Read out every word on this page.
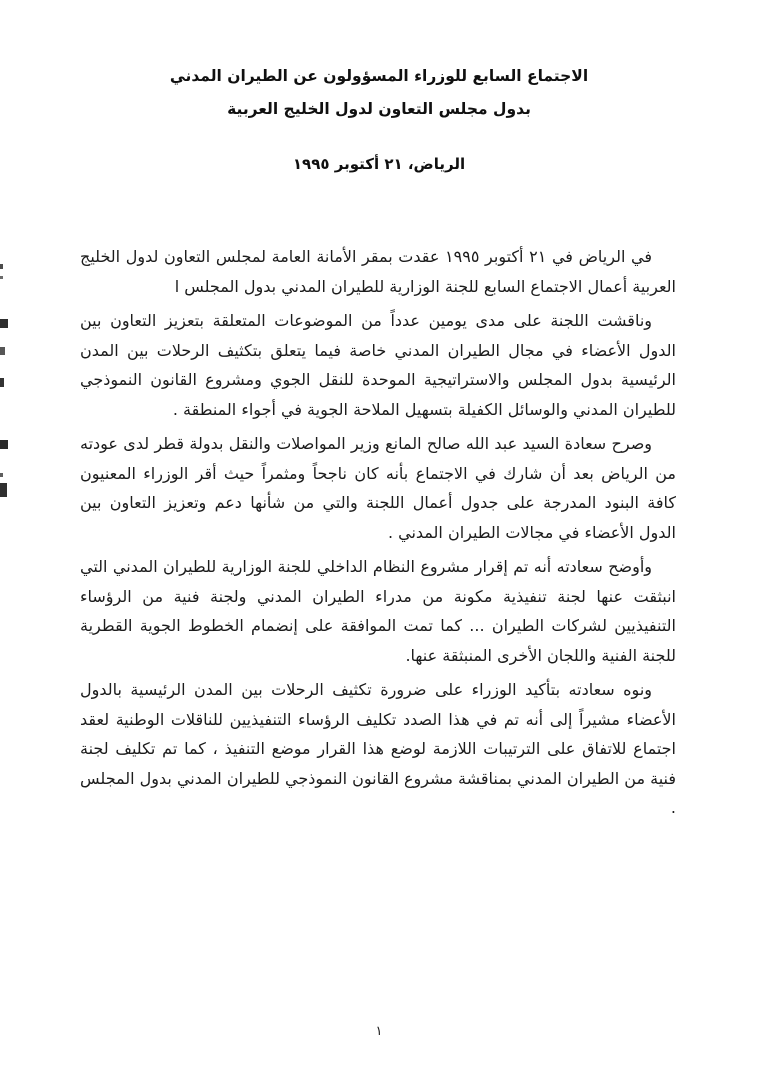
الاجتماع السابع للوزراء المسؤولون عن الطيران المدني
بدول مجلس التعاون لدول الخليج العربية

الرياض، ٢١ أكتوبر ١٩٩٥

في الرياض في ٢١ أكتوبر ١٩٩٥ عقدت بمقر الأمانة العامة لمجلس التعاون لدول الخليج العربية أعمال الاجتماع السابع للجنة الوزارية للطيران المدني بدول المجلس ا

وناقشت اللجنة على مدى يومين عدداً من الموضوعات المتعلقة بتعزيز التعاون بين الدول الأعضاء في مجال الطيران المدني خاصة فيما يتعلق بتكثيف الرحلات بين المدن الرئيسية بدول المجلس والاستراتيجية الموحدة للنقل الجوي ومشروع القانون النموذجي للطيران المدني والوسائل الكفيلة بتسهيل الملاحة الجوية في أجواء المنطقة .

وصرح سعادة السيد عبد الله صالح المانع وزير المواصلات والنقل بدولة قطر لدى عودته من الرياض بعد أن شارك في الاجتماع بأنه كان ناجحاً ومثمراً حيث أقر الوزراء المعنيون كافة البنود المدرجة على جدول أعمال اللجنة والتي من شأنها دعم وتعزيز التعاون بين الدول الأعضاء في مجالات الطيران المدني .

وأوضح سعادته أنه تم إقرار مشروع النظام الداخلي للجنة الوزارية للطيران المدني التي انبثقت عنها لجنة تنفيذية مكونة من مدراء الطيران المدني ولجنة فنية من الرؤساء التنفيذيين لشركات الطيران ... كما تمت الموافقة على إنضمام الخطوط الجوية القطرية للجنة الفنية واللجان الأخرى المنبثقة عنها.

ونوه سعادته بتأكيد الوزراء على ضرورة تكثيف الرحلات بين المدن الرئيسية بالدول الأعضاء مشيراً إلى أنه تم في هذا الصدد تكليف الرؤساء التنفيذيين للناقلات الوطنية لعقد اجتماع للاتفاق على الترتيبات اللازمة لوضع هذا القرار موضع التنفيذ ، كما تم تكليف لجنة فنية من الطيران المدني بمناقشة مشروع القانون النموذجي للطيران المدني بدول المجلس .

١
